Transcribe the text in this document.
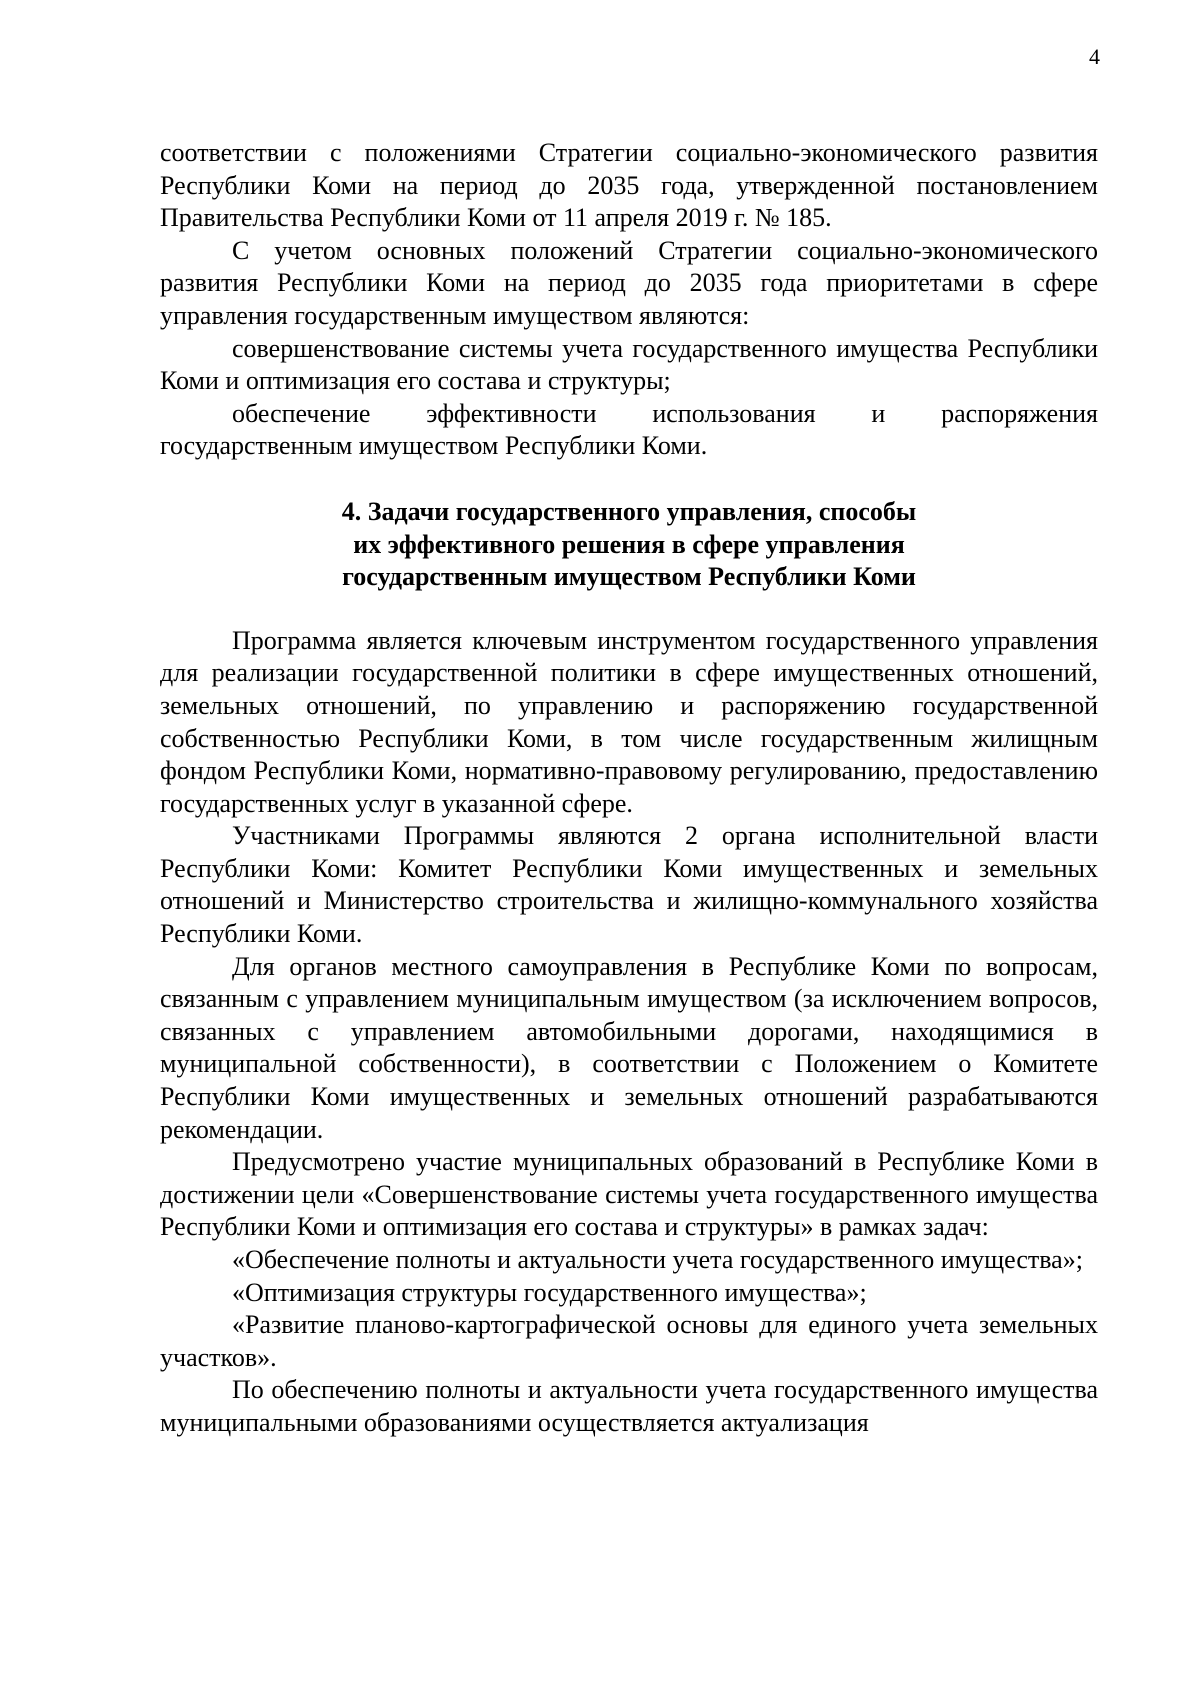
4

соответствии с положениями Стратегии социально-экономического развития Республики Коми на период до 2035 года, утвержденной постановлением Правительства Республики Коми от 11 апреля 2019 г. № 185.

С учетом основных положений Стратегии социально-экономического развития Республики Коми на период до 2035 года приоритетами в сфере управления государственным имуществом являются:

совершенствование системы учета государственного имущества Республики Коми и оптимизация его состава и структуры;

обеспечение эффективности использования и распоряжения государственным имуществом Республики Коми.

4. Задачи государственного управления, способы
их эффективного решения в сфере управления
государственным имуществом Республики Коми

Программа является ключевым инструментом государственного управления для реализации государственной политики в сфере имущественных отношений, земельных отношений, по управлению и распоряжению государственной собственностью Республики Коми, в том числе государственным жилищным фондом Республики Коми, нормативно-правовому регулированию, предоставлению государственных услуг в указанной сфере.

Участниками Программы являются 2 органа исполнительной власти Республики Коми: Комитет Республики Коми имущественных и земельных отношений и Министерство строительства и жилищно-коммунального хозяйства Республики Коми.

Для органов местного самоуправления в Республике Коми по вопросам, связанным с управлением муниципальным имуществом (за исключением вопросов, связанных с управлением автомобильными дорогами, находящимися в муниципальной собственности), в соответствии с Положением о Комитете Республики Коми имущественных и земельных отношений разрабатываются рекомендации.

Предусмотрено участие муниципальных образований в Республике Коми в достижении цели «Совершенствование системы учета государственного имущества Республики Коми и оптимизация его состава и структуры» в рамках задач:

«Обеспечение полноты и актуальности учета государственного имущества»;

«Оптимизация структуры государственного имущества»;

«Развитие планово-картографической основы для единого учета земельных участков».

По обеспечению полноты и актуальности учета государственного имущества муниципальными образованиями осуществляется актуализация
